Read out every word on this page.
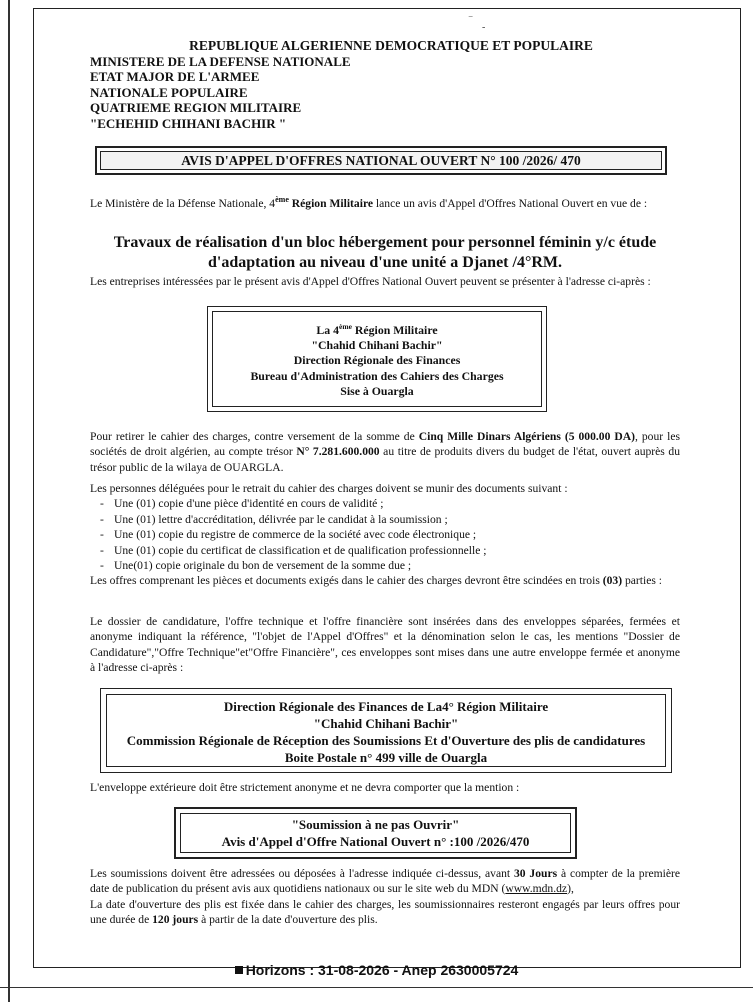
⁻
-
REPUBLIQUE ALGERIENNE DEMOCRATIQUE ET POPULAIRE
MINISTERE DE LA DEFENSE NATIONALE
ETAT MAJOR DE L'ARMEE
NATIONALE POPULAIRE
QUATRIEME REGION MILITAIRE
"ECHEHID CHIHANI BACHIR "
AVIS D'APPEL D'OFFRES NATIONAL OUVERT N° 100 /2026/ 470
Le Ministère de la Défense Nationale, 4ème Région Militaire lance un avis d'Appel d'Offres National Ouvert en vue de :
Travaux de réalisation d'un bloc hébergement pour personnel féminin y/c étude d'adaptation au niveau d'une unité a Djanet /4°RM.
Les entreprises intéressées par le présent avis d'Appel d'Offres National Ouvert peuvent se présenter à l'adresse ci-après :
La 4ème Région Militaire
"Chahid Chihani Bachir"
Direction Régionale des Finances
Bureau d'Administration des Cahiers des Charges
Sise à Ouargla
Pour retirer le cahier des charges, contre versement de la somme de Cinq Mille Dinars Algériens (5 000.00 DA), pour les sociétés de droit algérien, au compte trésor N° 7.281.600.000 au titre de produits divers du budget de l'état, ouvert auprès du trésor public de la wilaya de OUARGLA.
Les personnes déléguées pour le retrait du cahier des charges doivent se munir des documents suivant :
- Une (01) copie d'une pièce d'identité en cours de validité ;
- Une (01) lettre d'accréditation, délivrée par le candidat à la soumission ;
- Une (01) copie du registre de commerce de la société avec code électronique ;
- Une (01) copie du certificat de classification et de qualification professionnelle ;
- Une(01) copie originale du bon de versement de la somme due ;
Les offres comprenant les pièces et documents exigés dans le cahier des charges devront être scindées en trois (03) parties :
Le dossier de candidature, l'offre technique et l'offre financière sont insérées dans des enveloppes séparées, fermées et anonyme indiquant la référence, "l'objet de l'Appel d'Offres" et la dénomination selon le cas, les mentions "Dossier de Candidature","Offre Technique"et"Offre Financière", ces enveloppes sont mises dans une autre enveloppe fermée et anonyme à l'adresse ci-après :
Direction Régionale des Finances de La4° Région Militaire
"Chahid Chihani Bachir"
Commission Régionale de Réception des Soumissions Et d'Ouverture des plis de candidatures
Boite Postale n° 499 ville de Ouargla
L'enveloppe extérieure doit être strictement anonyme et ne devra comporter que la mention :
"Soumission à ne pas Ouvrir"
Avis d'Appel d'Offre National Ouvert n° :100 /2026/470
Les soumissions doivent être adressées ou déposées à l'adresse indiquée ci-dessus, avant 30 Jours à compter de la première date de publication du présent avis aux quotidiens nationaux ou sur le site web du MDN (www.mdn.dz),
La date d'ouverture des plis est fixée dans le cahier des charges, les soumissionnaires resteront engagés par leurs offres pour une durée de 120 jours à partir de la date d'ouverture des plis.
Horizons : 31-08-2026 - Anep 2630005724
